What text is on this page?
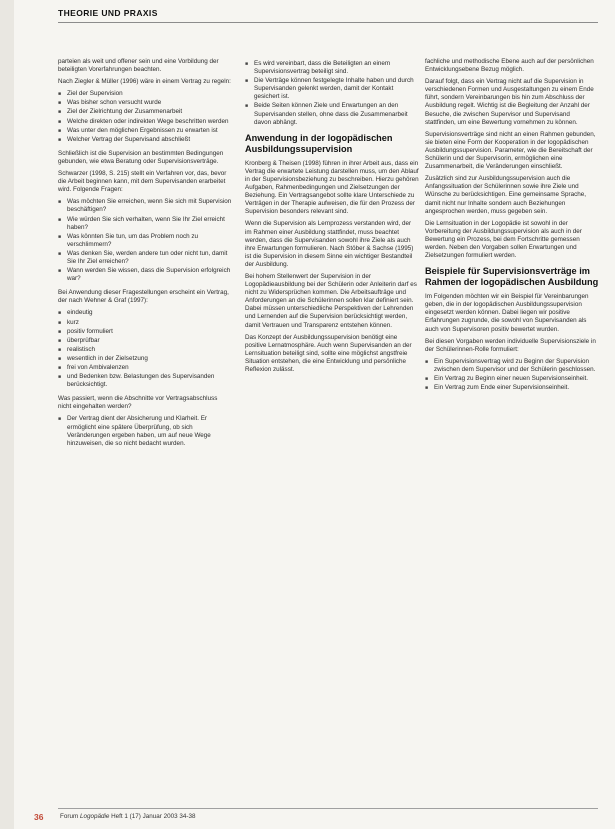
THEORIE UND PRAXIS

parteien als weit und offener sein und eine Vorbildung der beteiligten Vorerfahrungen beachten.

Nach Ziegler & Müller (1996) wäre in einem Vertrag zu regeln:

■ Ziel der Supervision
■ Was bisher schon versucht wurde
■ Ziel der Zielrichtung der Zusammenarbeit
■ Welche direkten oder indirekten Wege beschritten werden
■ Was unter den möglichen Ergebnissen zu erwarten ist
■ Welcher Vertrag der Supervisand abschließt

Schließlich ist die Supervision an bestimmten Bedingungen gebunden, wie etwa Beratung oder Supervisionsverträge.

Schwarzer (1998, S. 215) stellt ein Verfahren vor, das, bevor die Arbeit beginnen kann, mit dem Supervisanden erarbeitet wird. Folgende Fragen:

■ Was möchten Sie erreichen, wenn Sie sich mit Supervision beschäftigen?
■ Wie würden Sie sich verhalten, wenn Sie Ihr Ziel erreicht haben?
■ Was könnten Sie tun, um das Problem noch zu verschlimmern?
■ Was denken Sie, werden andere tun oder nicht tun, damit Sie Ihr Ziel erreichen?
■ Wann werden Sie wissen, dass die Supervision erfolgreich war?

Bei Anwendung dieser Fragestellungen erscheint ein Vertrag, der nach Wehner & Graf (1997):

■ eindeutig
■ kurz
■ positiv formuliert
■ überprüfbar
■ realistisch
■ wesentlich in der Zielsetzung
■ frei von Ambivalenzen
■ und Bedenken bzw. Belastungen des Supervisanden berücksichtigt.

Was passiert, wenn die Abschnitte vor Vertragsabschluss nicht eingehalten werden?

■ Der Vertrag dient der Absicherung und Klarheit. Er ermöglicht eine spätere Überprüfung, ob sich Veränderungen ergeben haben, um auf neue Wege hinzuweisen, die so nicht bedacht wurden.
■ Es wird vereinbart, dass die Beteiligten an einem Supervisionsvertrag beteiligt sind.
■ Die Verträge können festgelegte Inhalte haben und durch Supervisanden gelenkt werden, damit der Kontakt gesichert ist.
■ Beide Seiten können Ziele und Erwartungen an den Supervisanden stellen, ohne dass die Zusammenarbeit davon abhängt.
Anwendung in der logopädischen Ausbildungssupervision

Kronberg & Theisen (1998) führen in ihrer Arbeit aus, dass ein Vertrag die erwartete Leistung darstellen muss, um den Ablauf in der Supervisionsbeziehung zu beschreiben. Hierzu gehören Aufgaben, Rahmenbedingungen und Zielsetzungen der Beziehung. Ein Vertragsangebot sollte klare Unterschiede zu Verträgen in der Therapie aufweisen, die für den Prozess der Supervision besonders relevant sind.

Wenn die Supervision als Lernprozess verstanden wird, der im Rahmen einer Ausbildung stattfindet, muss beachtet werden, dass die Supervisanden sowohl ihre Ziele als auch ihre Erwartungen formulieren. Nach Stöber & Sachse (1995) ist die Supervision in diesem Sinne ein wichtiger Bestandteil der Ausbildung.

Bei hohem Stellenwert der Supervision in der Logopädieausbildung bei der Schülerin oder Anleiterin darf es nicht zu Widersprüchen kommen. Die Arbeitsaufträge und Anforderungen an die Schülerinnen sollen klar definiert sein. Dabei müssen unterschiedliche Perspektiven der Lehrenden und Lernenden auf die Supervision berücksichtigt werden, damit Vertrauen und Transparenz entstehen können.

Das Konzept der Ausbildungssupervision benötigt eine positive Lernatmosphäre. Auch wenn Supervisanden an der Lernsituation beteiligt sind, sollte eine möglichst angstfreie Situation entstehen, die eine Entwicklung und persönliche Reflexion zulässt.

fachliche und methodische Ebene auch auf der persönlichen Entwicklungsebene Bezug möglich.

Darauf folgt, dass ein Vertrag nicht auf die Supervision in verschiedenen Formen und Ausgestaltungen zu einem Ende führt, sondern Vereinbarungen bis hin zum Abschluss der Ausbildung regelt. Wichtig ist die Begleitung der Anzahl der Besuche, die zwischen Supervisor und Supervisand stattfinden, um eine Bewertung vornehmen zu können.

Supervisionsverträge sind nicht an einen Rahmen gebunden, sie bieten eine Form der Kooperation in der logopädischen Ausbildungssupervision. Parameter, wie die Bereitschaft der Schülerin und der Supervisorin, ermöglichen eine Zusammenarbeit, die Veränderungen einschließt.

Zusätzlich sind zur Ausbildungssupervision auch die Anfangssituation der Schülerinnen sowie ihre Ziele und Wünsche zu berücksichtigen. Eine gemeinsame Sprache, damit nicht nur Inhalte sondern auch Beziehungen angesprochen werden, muss gegeben sein.

Die Lernsituation in der Logopädie ist sowohl in der Vorbereitung der Ausbildungssupervision als auch in der Bewertung ein Prozess, bei dem Fortschritte gemessen werden. Neben den Vorgaben sollen Erwartungen und Zielsetzungen formuliert werden.

Beispiele für Supervisionsverträge im Rahmen der logopädischen Ausbildung

Im Folgenden möchten wir ein Beispiel für Vereinbarungen geben, die in der logopädischen Ausbildungssupervision eingesetzt werden können. Dabei liegen wir positive Erfahrungen zugrunde, die sowohl von Supervisanden als auch von Supervisoren positiv bewertet wurden.

Bei diesen Vorgaben werden individuelle Supervisionsziele in der Schülerinnen-Rolle formuliert:

■ Ein Supervisionsvertrag wird zu Beginn der Supervision zwischen dem Supervisor und der Schülerin geschlossen.
■ Ein Vertrag zu Beginn einer neuen Supervisionseinheit.
■ Ein Vertrag zum Ende einer Supervisionseinheit.
36	Forum Logopädie Heft 1 (17) Januar 2003 34-38
